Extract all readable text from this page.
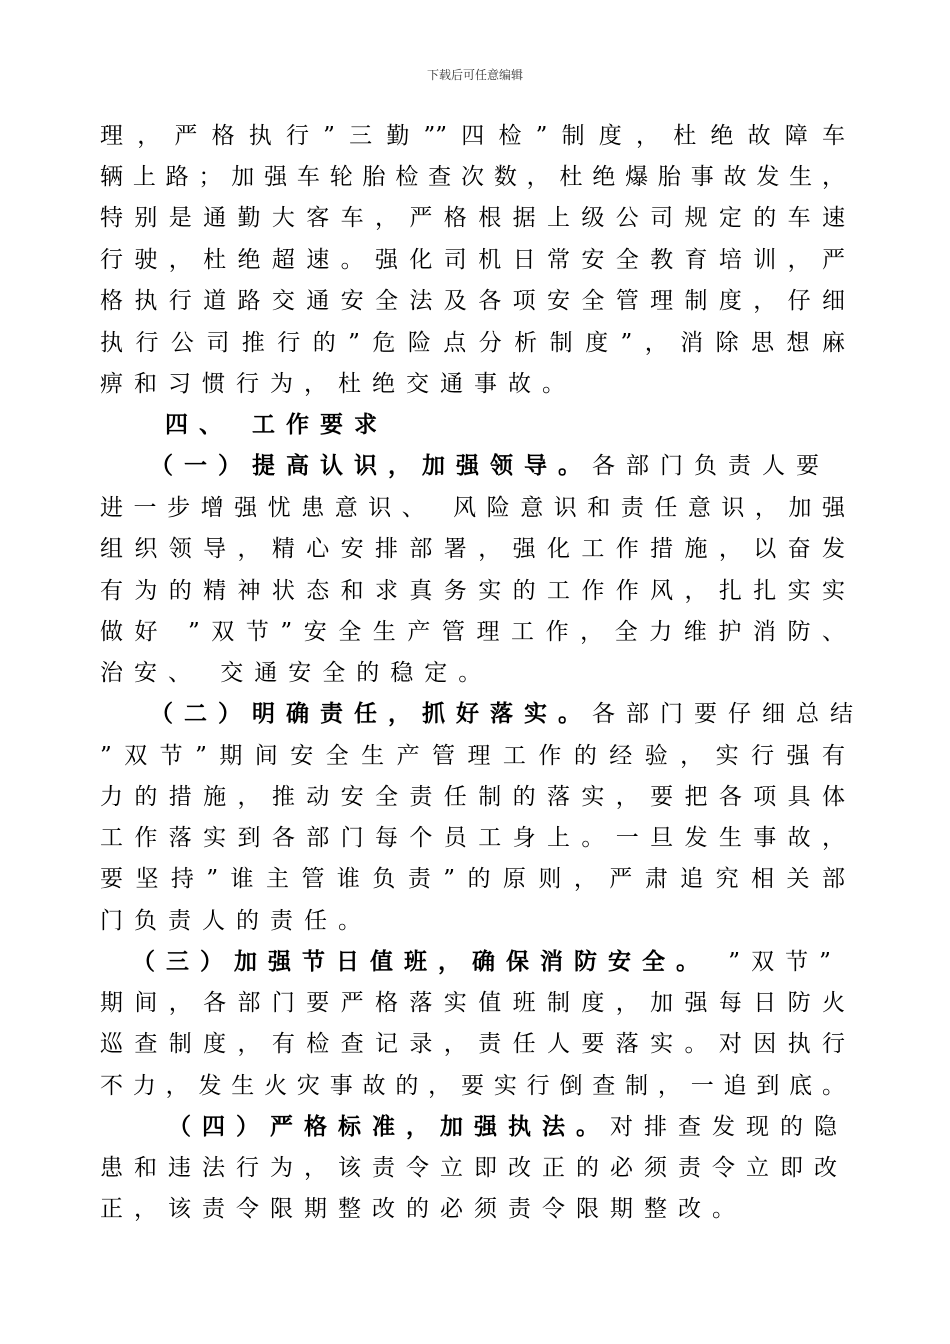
下载后可任意编辑
理，严格执行”三勤””四检”制度，杜绝故障车
辆上路；加强车轮胎检查次数，杜绝爆胎事故发生，
特别是通勤大客车，严格根据上级公司规定的车速
行驶，杜绝超速。强化司机日常安全教育培训，严
格执行道路交通安全法及各项安全管理制度，仔细
执行公司推行的”危险点分析制度”，消除思想麻
痹和习惯行为，杜绝交通事故。
四、 工作要求
（一）提高认识，加强领导。各部门负责人要
进一步增强忧患意识、 风险意识和责任意识，加强
组织领导，精心安排部署，强化工作措施，以奋发
有为的精神状态和求真务实的工作作风，扎扎实实
做好 ”双节”安全生产管理工作，全力维护消防、
治安、 交通安全的稳定。
（二）明确责任，抓好落实。各部门要仔细总结
”双节”期间安全生产管理工作的经验，实行强有
力的措施，推动安全责任制的落实，要把各项具体
工作落实到各部门每个员工身上。一旦发生事故，
要坚持”谁主管谁负责”的原则，严肃追究相关部
门负责人的责任。
（三）加强节日值班，确保消防安全。 ”双节”
期间，各部门要严格落实值班制度，加强每日防火
巡查制度，有检查记录，责任人要落实。对因执行
不力，发生火灾事故的，要实行倒查制，一追到底。
（四）严格标准，加强执法。对排查发现的隐
患和违法行为，该责令立即改正的必须责令立即改
正，该责令限期整改的必须责令限期整改。
